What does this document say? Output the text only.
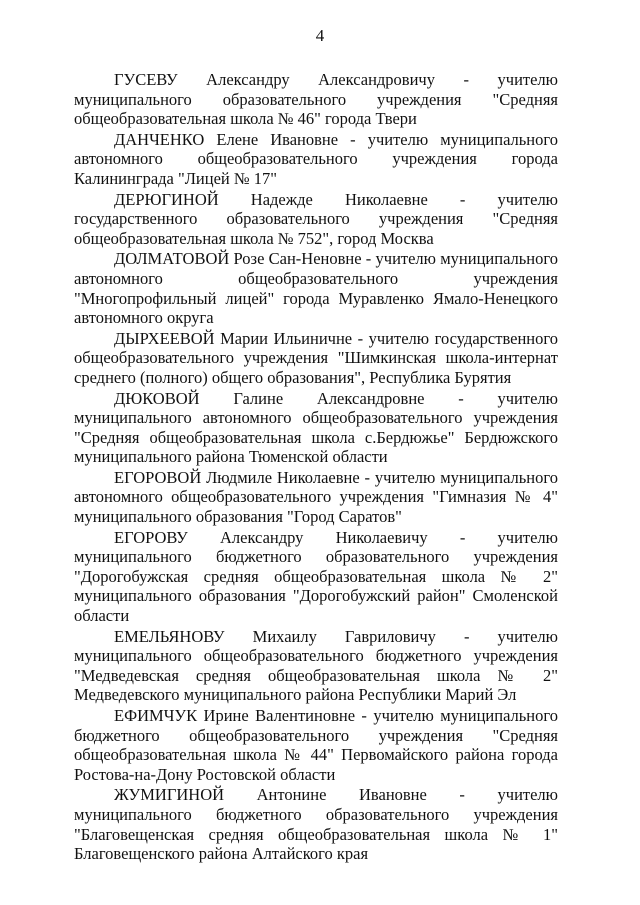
4

ГУСЕВУ Александру Александровичу - учителю муниципального образовательного учреждения "Средняя общеобразовательная школа № 46" города Твери

ДАНЧЕНКО Елене Ивановне - учителю муниципального автономного общеобразовательного учреждения города Калининграда "Лицей № 17"

ДЕРЮГИНОЙ Надежде Николаевне - учителю государственного образовательного учреждения "Средняя общеобразовательная школа № 752", город Москва

ДОЛМАТОВОЙ Розе Сан-Неновне - учителю муниципального автономного общеобразовательного учреждения "Многопрофильный лицей" города Муравленко Ямало-Ненецкого автономного округа

ДЫРХЕЕВОЙ Марии Ильиничне - учителю государственного общеобразовательного учреждения "Шимкинская школа-интернат среднего (полного) общего образования", Республика Бурятия

ДЮКОВОЙ Галине Александровне - учителю муниципального автономного общеобразовательного учреждения "Средняя общеобразовательная школа с.Бердюжье" Бердюжского муниципального района Тюменской области

ЕГОРОВОЙ Людмиле Николаевне - учителю муниципального автономного общеобразовательного учреждения "Гимназия № 4" муниципального образования "Город Саратов"

ЕГОРОВУ Александру Николаевичу - учителю муниципального бюджетного образовательного учреждения "Дорогобужская средняя общеобразовательная школа № 2" муниципального образования "Дорогобужский район" Смоленской области

ЕМЕЛЬЯНОВУ Михаилу Гавриловичу - учителю муниципального общеобразовательного бюджетного учреждения "Медведевская средняя общеобразовательная школа № 2" Медведевского муниципального района Республики Марий Эл

ЕФИМЧУК Ирине Валентиновне - учителю муниципального бюджетного общеобразовательного учреждения "Средняя общеобразовательная школа № 44" Первомайского района города Ростова-на-Дону Ростовской области

ЖУМИГИНОЙ Антонине Ивановне - учителю муниципального бюджетного образовательного учреждения "Благовещенская средняя общеобразовательная школа № 1" Благовещенского района Алтайского края
